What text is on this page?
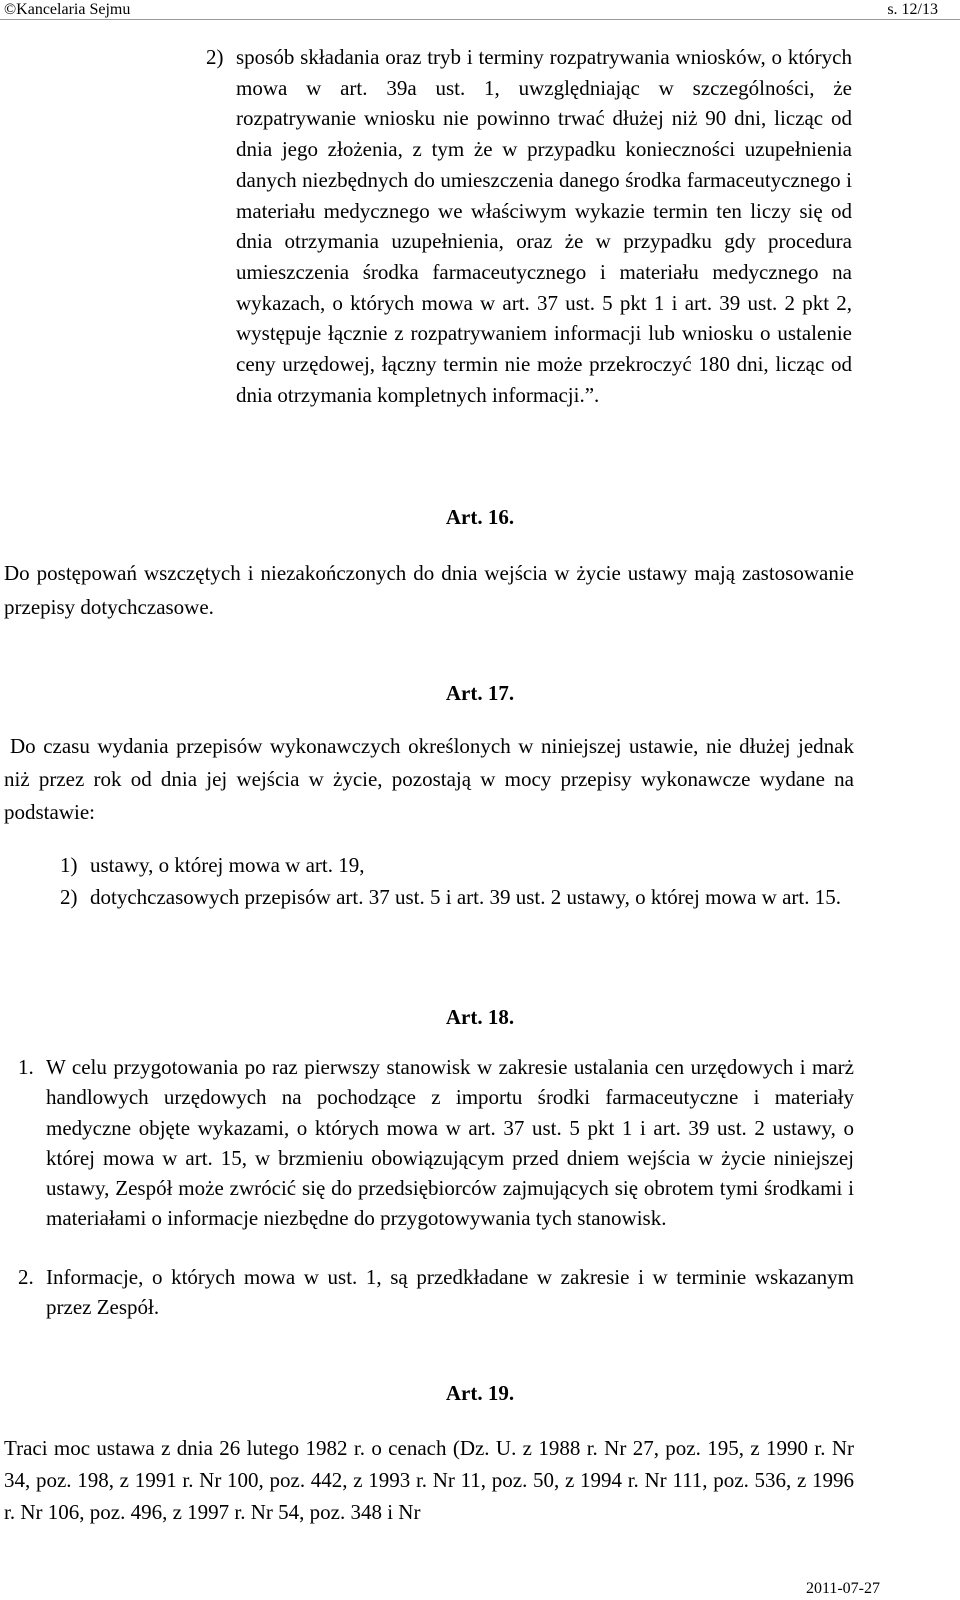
©Kancelaria Sejmu	s. 12/13
2) sposób składania oraz tryb i terminy rozpatrywania wniosków, o których mowa w art. 39a ust. 1, uwzględniając w szczególności, że rozpatrywanie wniosku nie powinno trwać dłużej niż 90 dni, licząc od dnia jego złożenia, z tym że w przypadku konieczności uzupełnienia danych niezbędnych do umieszczenia danego środka farmaceutycznego i materiału medycznego we właściwym wykazie termin ten liczy się od dnia otrzymania uzupełnienia, oraz że w przypadku gdy procedura umieszczenia środka farmaceutycznego i materiału medycznego na wykazach, o których mowa w art. 37 ust. 5 pkt 1 i art. 39 ust. 2 pkt 2, występuje łącznie z rozpatrywaniem informacji lub wniosku o ustalenie ceny urzędowej, łączny termin nie może przekroczyć 180 dni, licząc od dnia otrzymania kompletnych informacji.”.
Art. 16.
Do postępowań wszczętych i niezakończonych do dnia wejścia w życie ustawy mają zastosowanie przepisy dotychczasowe.
Art. 17.
Do czasu wydania przepisów wykonawczych określonych w niniejszej ustawie, nie dłużej jednak niż przez rok od dnia jej wejścia w życie, pozostają w mocy przepisy wykonawcze wydane na podstawie:
1) ustawy, o której mowa w art. 19,
2) dotychczasowych przepisów art. 37 ust. 5 i art. 39 ust. 2 ustawy, o której mowa w art. 15.
Art. 18.
1. W celu przygotowania po raz pierwszy stanowisk w zakresie ustalania cen urzędowych i marż handlowych urzędowych na pochodzące z importu środki farmaceutyczne i materiały medyczne objęte wykazami, o których mowa w art. 37 ust. 5 pkt 1 i art. 39 ust. 2 ustawy, o której mowa w art. 15, w brzmieniu obowiązującym przed dniem wejścia w życie niniejszej ustawy, Zespół może zwrócić się do przedsiębiorców zajmujących się obrotem tymi środkami i materiałami o informacje niezbędne do przygotowywania tych stanowisk.
2. Informacje, o których mowa w ust. 1, są przedkładane w zakresie i w terminie wskazanym przez Zespół.
Art. 19.
Traci moc ustawa z dnia 26 lutego 1982 r. o cenach (Dz. U. z 1988 r. Nr 27, poz. 195, z 1990 r. Nr 34, poz. 198, z 1991 r. Nr 100, poz. 442, z 1993 r. Nr 11, poz. 50, z 1994 r. Nr 111, poz. 536, z 1996 r. Nr 106, poz. 496, z 1997 r. Nr 54, poz. 348 i Nr
2011-07-27
